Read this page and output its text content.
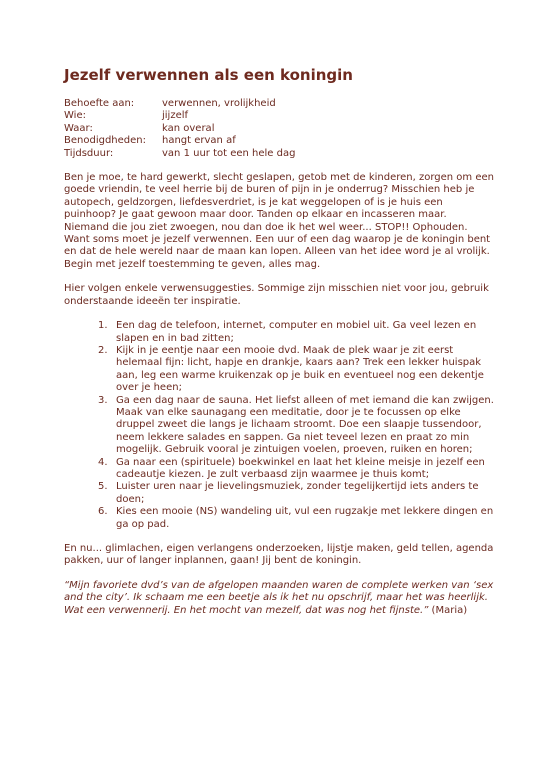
Jezelf verwennen als een koningin
Behoefte aan:	verwennen, vrolijkheid
Wie:	jijzelf
Waar:	kan overal
Benodigdheden:	hangt ervan af
Tijdsduur:	van 1 uur tot een hele dag

Ben je moe, te hard gewerkt, slecht geslapen, getob met de kinderen, zorgen om een goede vriendin, te veel herrie bij de buren of pijn in je onderrug? Misschien heb je autopech, geldzorgen, liefdesverdriet, is je kat weggelopen of is je huis een puinhoop? Je gaat gewoon maar door. Tanden op elkaar en incasseren maar. Niemand die jou ziet zwoegen, nou dan doe ik het wel weer... STOP!! Ophouden.

Want soms moet je jezelf verwennen. Een uur of een dag waarop je de koningin bent en dat de hele wereld naar de maan kan lopen. Alleen van het idee word je al vrolijk. Begin met jezelf toestemming te geven, alles mag.

Hier volgen enkele verwensuggesties. Sommige zijn misschien niet voor jou, gebruik onderstaande ideeën ter inspiratie.

1. Een dag de telefoon, internet, computer en mobiel uit. Ga veel lezen en slapen en in bad zitten;
2. Kijk in je eentje naar een mooie dvd. Maak de plek waar je zit eerst helemaal fijn: licht, hapje en drankje, kaars aan? Trek een lekker huispak aan, leg een warme kruikenzak op je buik en eventueel nog een dekentje over je heen;
3. Ga een dag naar de sauna. Het liefst alleen of met iemand die kan zwijgen. Maak van elke saunagang een meditatie, door je te focussen op elke druppel zweet die langs je lichaam stroomt. Doe een slaapje tussendoor, neem lekkere salades en sappen. Ga niet teveel lezen en praat zo min mogelijk. Gebruik vooral je zintuigen voelen, proeven, ruiken en horen;
4. Ga naar een (spirituele) boekwinkel en laat het kleine meisje in jezelf een cadeautje kiezen. Je zult verbaasd zijn waarmee je thuis komt;
5. Luister uren naar je lievelingsmuziek, zonder tegelijkertijd iets anders te doen;
6. Kies een mooie (NS) wandeling uit, vul een rugzakje met lekkere dingen en ga op pad.

En nu... glimlachen, eigen verlangens onderzoeken, lijstje maken, geld tellen, agenda pakken, uur of langer inplannen, gaan! Jij bent de koningin.

“Mijn favoriete dvd’s van de afgelopen maanden waren de complete werken van ‘sex and the city’. Ik schaam me een beetje als ik het nu opschrijf, maar het was heerlijk. Wat een verwennerij. En het mocht van mezelf, dat was nog het fijnste.” (Maria)
